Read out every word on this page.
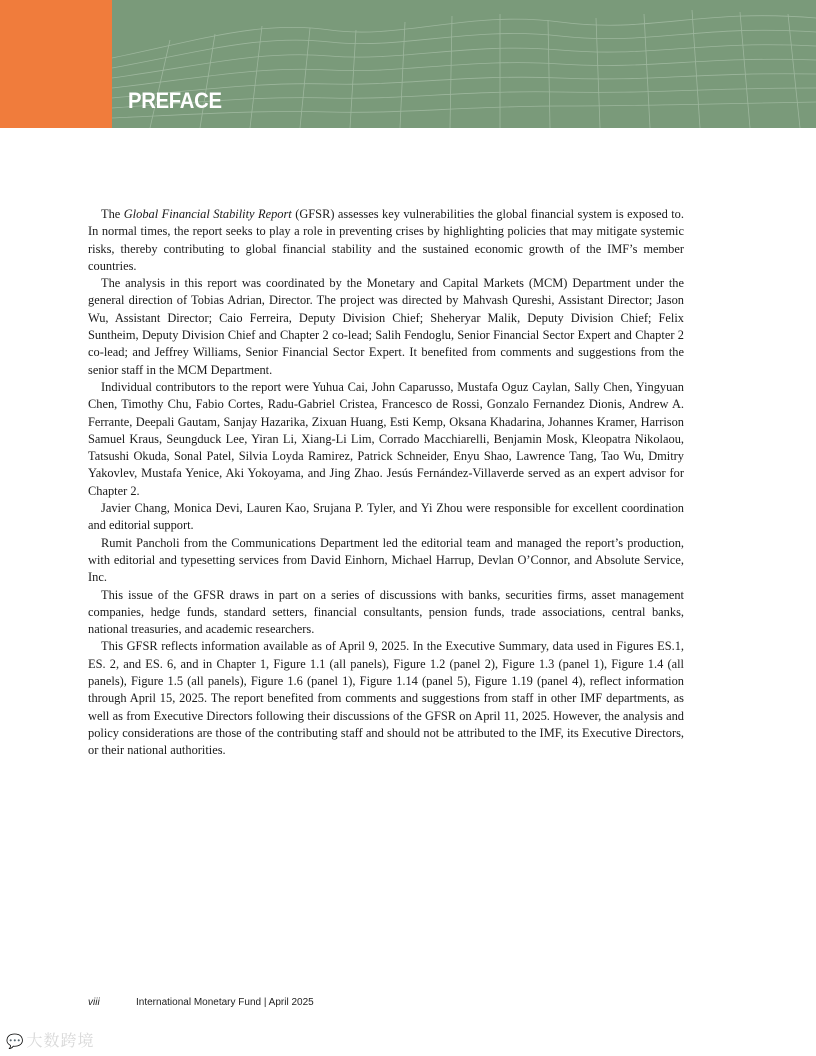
PREFACE

The Global Financial Stability Report (GFSR) assesses key vulnerabilities the global financial system is exposed to. In normal times, the report seeks to play a role in preventing crises by highlighting policies that may mitigate systemic risks, thereby contributing to global financial stability and the sustained economic growth of the IMF’s member countries.

The analysis in this report was coordinated by the Monetary and Capital Markets (MCM) Department under the general direction of Tobias Adrian, Director. The project was directed by Mahvash Qureshi, Assistant Director; Jason Wu, Assistant Director; Caio Ferreira, Deputy Division Chief; Sheheryar Malik, Deputy Division Chief; Felix Suntheim, Deputy Division Chief and Chapter 2 co-lead; Salih Fendoglu, Senior Financial Sector Expert and Chapter 2 co-lead; and Jeffrey Williams, Senior Financial Sector Expert. It benefited from comments and suggestions from the senior staff in the MCM Department.

Individual contributors to the report were Yuhua Cai, John Caparusso, Mustafa Oguz Caylan, Sally Chen, Yingyuan Chen, Timothy Chu, Fabio Cortes, Radu-Gabriel Cristea, Francesco de Rossi, Gonzalo Fernandez Dionis, Andrew A. Ferrante, Deepali Gautam, Sanjay Hazarika, Zixuan Huang, Esti Kemp, Oksana Khadarina, Johannes Kramer, Harrison Samuel Kraus, Seungduck Lee, Yiran Li, Xiang-Li Lim, Corrado Macchiarelli, Benjamin Mosk, Kleopatra Nikolaou, Tatsushi Okuda, Sonal Patel, Silvia Loyda Ramirez, Patrick Schneider, Enyu Shao, Lawrence Tang, Tao Wu, Dmitry Yakovlev, Mustafa Yenice, Aki Yokoyama, and Jing Zhao. Jesús Fernández-Villaverde served as an expert advisor for Chapter 2.

Javier Chang, Monica Devi, Lauren Kao, Srujana P. Tyler, and Yi Zhou were responsible for excellent coordination and editorial support.

Rumit Pancholi from the Communications Department led the editorial team and managed the report’s production, with editorial and typesetting services from David Einhorn, Michael Harrup, Devlan O’Connor, and Absolute Service, Inc.

This issue of the GFSR draws in part on a series of discussions with banks, securities firms, asset management companies, hedge funds, standard setters, financial consultants, pension funds, trade associations, central banks, national treasuries, and academic researchers.

This GFSR reflects information available as of April 9, 2025. In the Executive Summary, data used in Figures ES.1, ES. 2, and ES. 6, and in Chapter 1, Figure 1.1 (all panels), Figure 1.2 (panel 2), Figure 1.3 (panel 1), Figure 1.4 (all panels), Figure 1.5 (all panels), Figure 1.6 (panel 1), Figure 1.14 (panel 5), Figure 1.19 (panel 4), reflect information through April 15, 2025. The report benefited from comments and suggestions from staff in other IMF departments, as well as from Executive Directors following their discussions of the GFSR on April 11, 2025. However, the analysis and policy considerations are those of the contributing staff and should not be attributed to the IMF, its Executive Directors, or their national authorities.

viii	International Monetary Fund | April 2025
💬 大数跨境
